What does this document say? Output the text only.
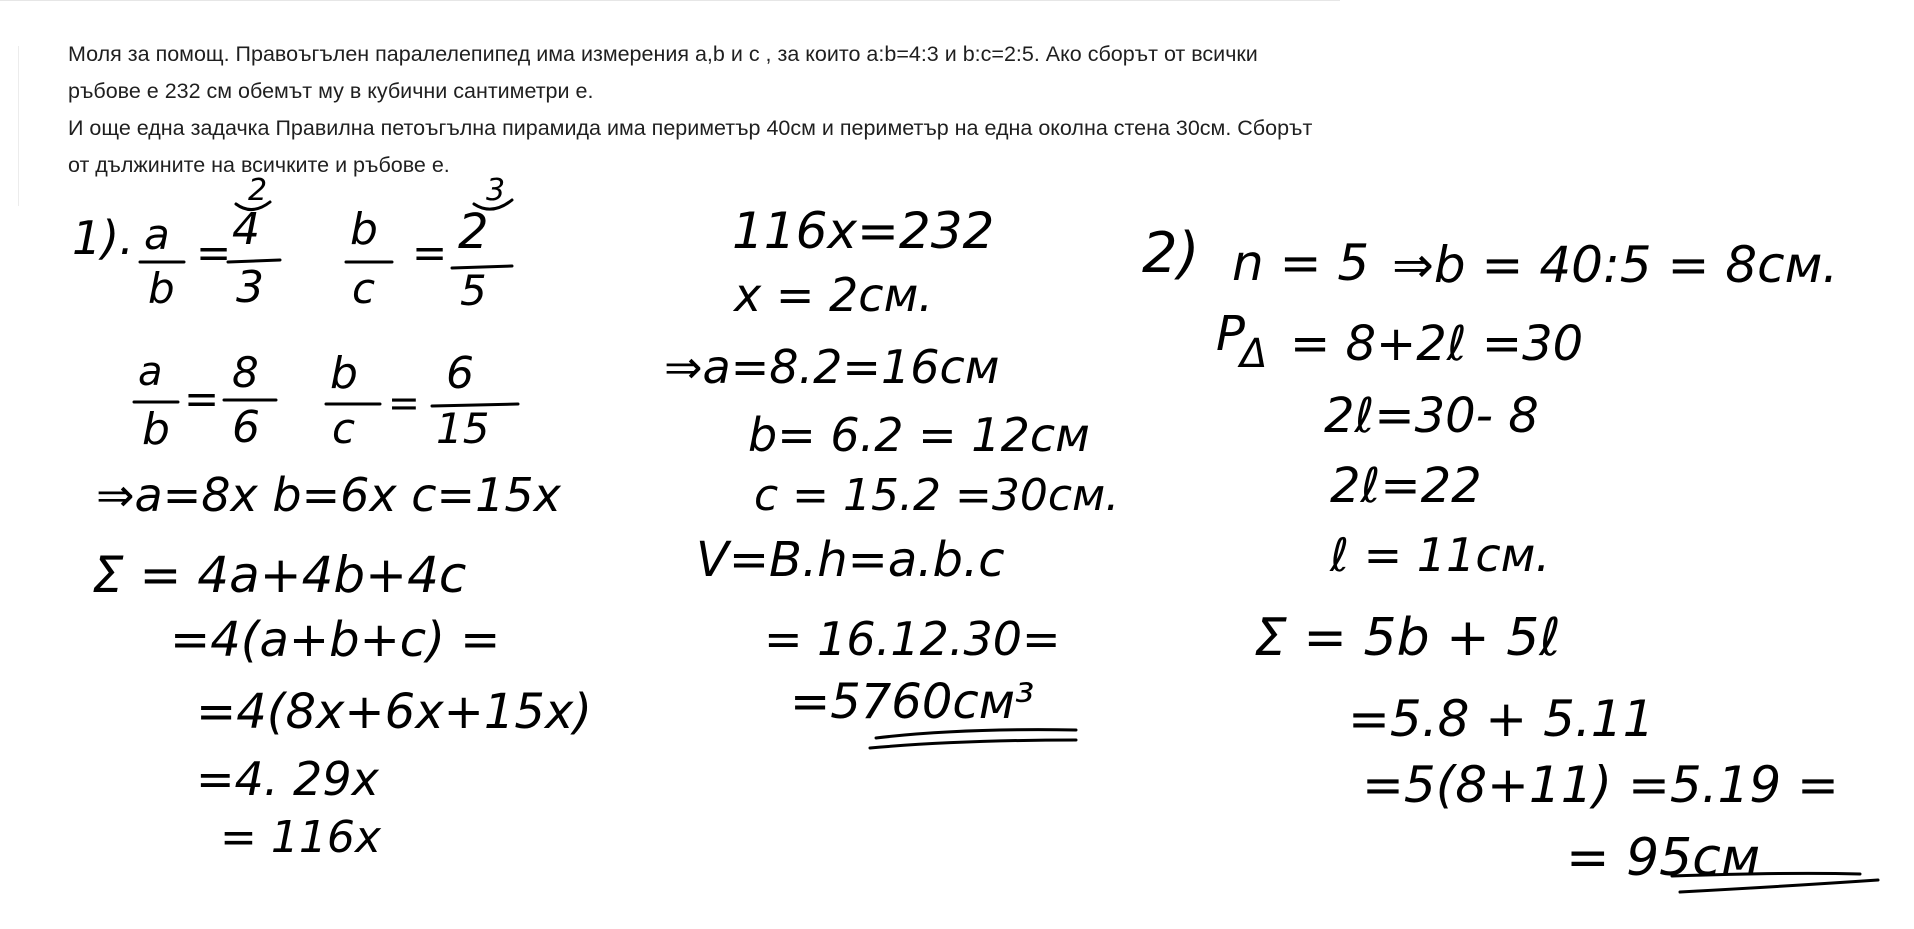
Моля за помощ. Правоъгълен паралелепипед има измерения а,b и с , за които а:b=4:3 и b:c=2:5. Ако сборът от всички ръбове е 232 см обемът му в кубични сантиметри е.

И още една задачка Правилна петоъгълна пирамида има периметър 40см и периметър на една околна стена 30см. Сборът от дължините на всичките и ръбове е.

1). a
b
= 4
3
2
b
c
= 2
5
3
a
b
=
8
6
b
c
=
6
15
⇒a=8x b=6x c=15x
Σ = 4a+4b+4c
=4(a+b+c) =
=4(8x+6x+15x)
=4. 29x
= 116x
116x=232
x = 2см.
⇒a=8.2=16см
b= 6.2 = 12см
c = 15.2 =30см.
V=B.h=a.b.c
= 16.12.30=
=5760см³
2) n = 5 ⇒b = 40:5 = 8см.
P
Δ = 8+2ℓ =30
2ℓ=30- 8
2ℓ=22
ℓ = 11см.
Σ = 5b + 5ℓ
=5.8 + 5.11
=5(8+11) =5.19 =
= 95см
